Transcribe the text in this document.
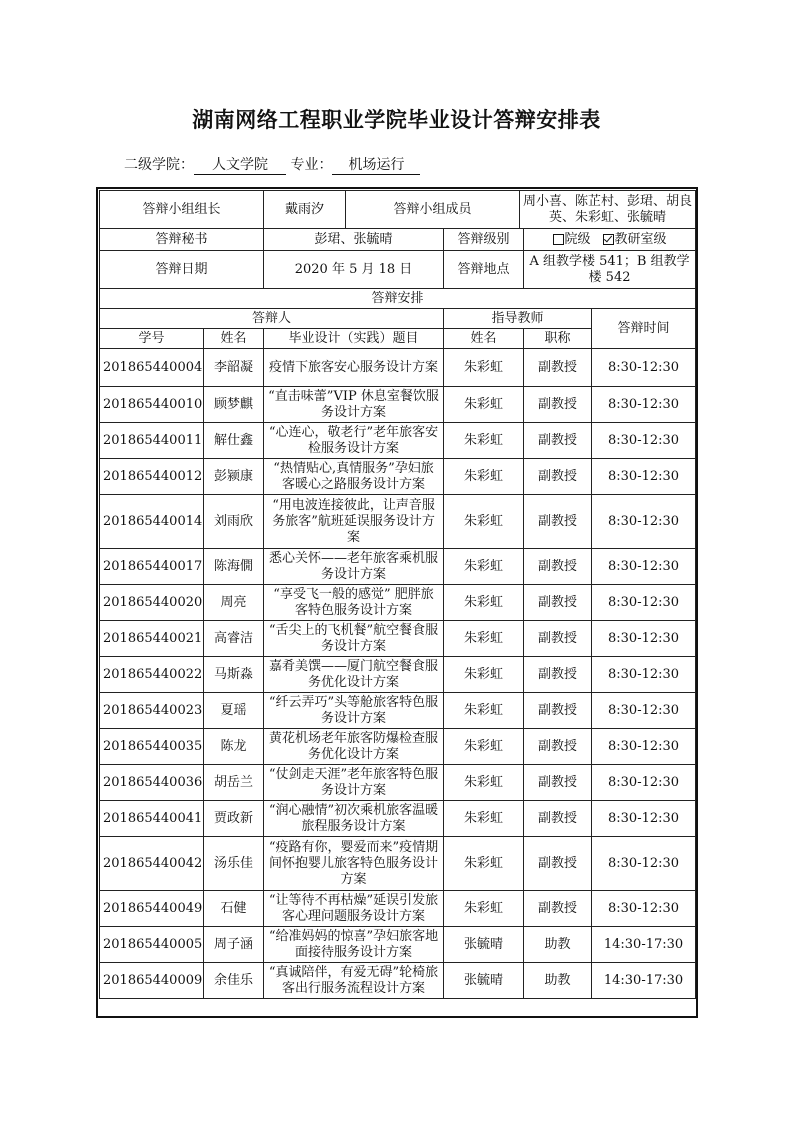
湖南网络工程职业学院毕业设计答辩安排表
二级学院： 人文学院 专业： 机场运行
答辩小组组长		戴雨汐	答辩小组成员		周小喜、陈芷村、彭珺、胡良英、朱彩虹、张毓晴		
答辩秘书		彭珺、张毓晴		答辩级别		院级 教研室级	
答辩日期		2020 年 5 月 18 日		答辩地点		A 组教学楼 541；B 组教学楼 542	
答辩安排							
答辩人				指导教师			答辩时间
学号	姓名	毕业设计（实践）题目		姓名		职称	
201865440004	李韶凝	疫情下旅客安心服务设计方案		朱彩虹		副教授	8:30-12:30
201865440010	顾梦麒	“直击味蕾”VIP 休息室餐饮服务设计方案		朱彩虹		副教授	8:30-12:30
201865440011	解仕鑫	“心连心，敬老行”老年旅客安检服务设计方案		朱彩虹		副教授	8:30-12:30
201865440012	彭颍康	“热情贴心,真情服务”孕妇旅客暖心之路服务设计方案		朱彩虹		副教授	8:30-12:30
201865440014	刘雨欣	“用电波连接彼此，让声音服务旅客”航班延误服务设计方案		朱彩虹		副教授	8:30-12:30
201865440017	陈海僩	悉心关怀——老年旅客乘机服务设计方案		朱彩虹		副教授	8:30-12:30
201865440020	周亮	“享受飞一般的感觉” 肥胖旅客特色服务设计方案		朱彩虹		副教授	8:30-12:30
201865440021	高睿洁	“舌尖上的飞机餐”航空餐食服务设计方案		朱彩虹		副教授	8:30-12:30
201865440022	马斯淼	嘉肴美馔——厦门航空餐食服务优化设计方案		朱彩虹		副教授	8:30-12:30
201865440023	夏瑶	“纤云弄巧”头等舱旅客特色服务设计方案		朱彩虹		副教授	8:30-12:30
201865440035	陈龙	黄花机场老年旅客防爆检查服务优化设计方案		朱彩虹		副教授	8:30-12:30
201865440036	胡岳兰	“仗剑走天涯”老年旅客特色服务设计方案		朱彩虹		副教授	8:30-12:30
201865440041	贾政新	“润心融情”初次乘机旅客温暖旅程服务设计方案		朱彩虹		副教授	8:30-12:30
201865440042	汤乐佳	“疫路有你，婴爱而来”疫情期间怀抱婴儿旅客特色服务设计方案		朱彩虹		副教授	8:30-12:30
201865440049	石健	“让等待不再枯燥”延误引发旅客心理问题服务设计方案		朱彩虹		副教授	8:30-12:30
201865440005	周子涵	“给准妈妈的惊喜”孕妇旅客地面接待服务设计方案		张毓晴		助教	14:30-17:30
201865440009	余佳乐	“真诚陪伴，有爱无碍”轮椅旅客出行服务流程设计方案		张毓晴		助教	14:30-17:30
